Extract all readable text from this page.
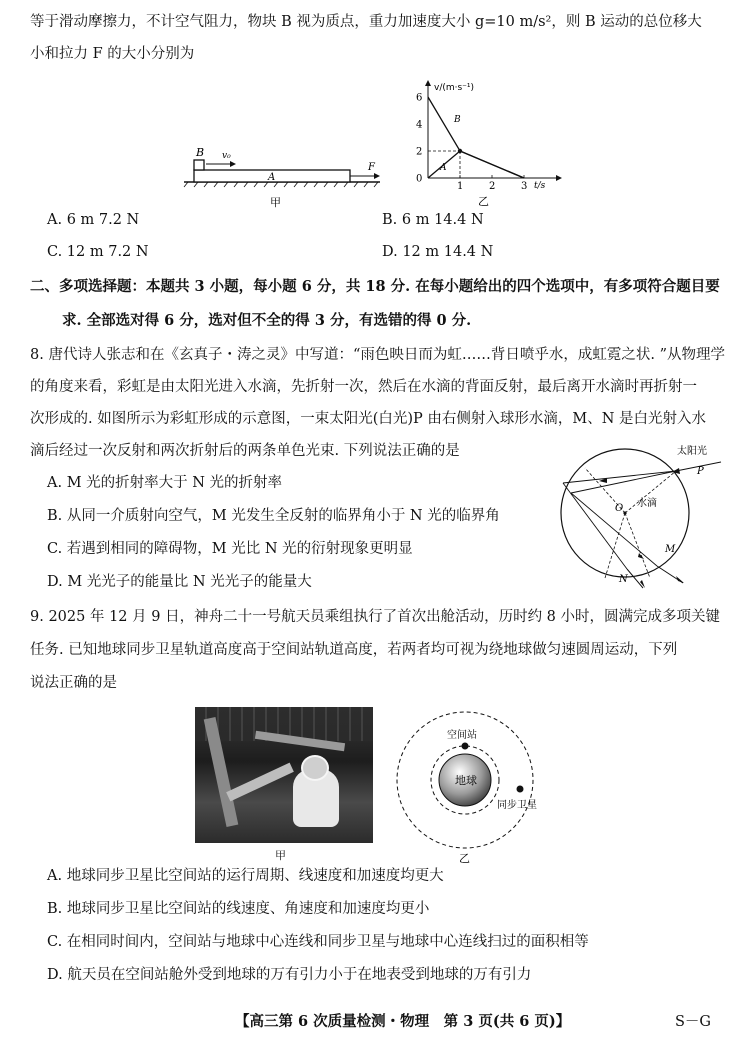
等于滑动摩擦力，不计空气阻力，物块 B 视为质点，重力加速度大小 g=10 m/s²，则 B 运动的总位移大
小和拉力 F 的大小分别为
B v₀
A
F
甲
6
4
2
0
1	2	3
v/(m·s⁻¹)
t/s
B
A
乙
A. 6 m 7.2 N	B. 6 m 14.4 N
C. 12 m 7.2 N	D. 12 m 14.4 N
二、多项选择题：本题共 3 小题，每小题 6 分，共 18 分. 在每小题给出的四个选项中，有多项符合题目要
求. 全部选对得 6 分，选对但不全的得 3 分，有选错的得 0 分.
8. 唐代诗人张志和在《玄真子・涛之灵》中写道：“雨色映日而为虹……背日喷乎水，成虹霓之状. ”从物理学
的角度来看，彩虹是由太阳光进入水滴，先折射一次，然后在水滴的背面反射，最后离开水滴时再折射一
次形成的. 如图所示为彩虹形成的示意图，一束太阳光(白光)P 由右侧射入球形水滴，M、N 是白光射入水
滴后经过一次反射和两次折射后的两条单色光束. 下列说法正确的是	太阳光
P
O 水滴
M
N
A. M 光的折射率大于 N 光的折射率
B. 从同一介质射向空气，M 光发生全反射的临界角小于 N 光的临界角
C. 若遇到相同的障碍物，M 光比 N 光的衍射现象更明显
D. M 光光子的能量比 N 光光子的能量大
9. 2025 年 12 月 9 日，神舟二十一号航天员乘组执行了首次出舱活动，历时约 8 小时，圆满完成多项关键
任务. 已知地球同步卫星轨道高度高于空间站轨道高度，若两者均可视为绕地球做匀速圆周运动，下列
说法正确的是
甲
空间站
地球
同步卫星
乙
A. 地球同步卫星比空间站的运行周期、线速度和加速度均更大
B. 地球同步卫星比空间站的线速度、角速度和加速度均更小
C. 在相同时间内，空间站与地球中心连线和同步卫星与地球中心连线扫过的面积相等
D. 航天员在空间站舱外受到地球的万有引力小于在地表受到地球的万有引力
【高三第 6 次质量检测・物理　第 3 页(共 6 页)】	S－G
